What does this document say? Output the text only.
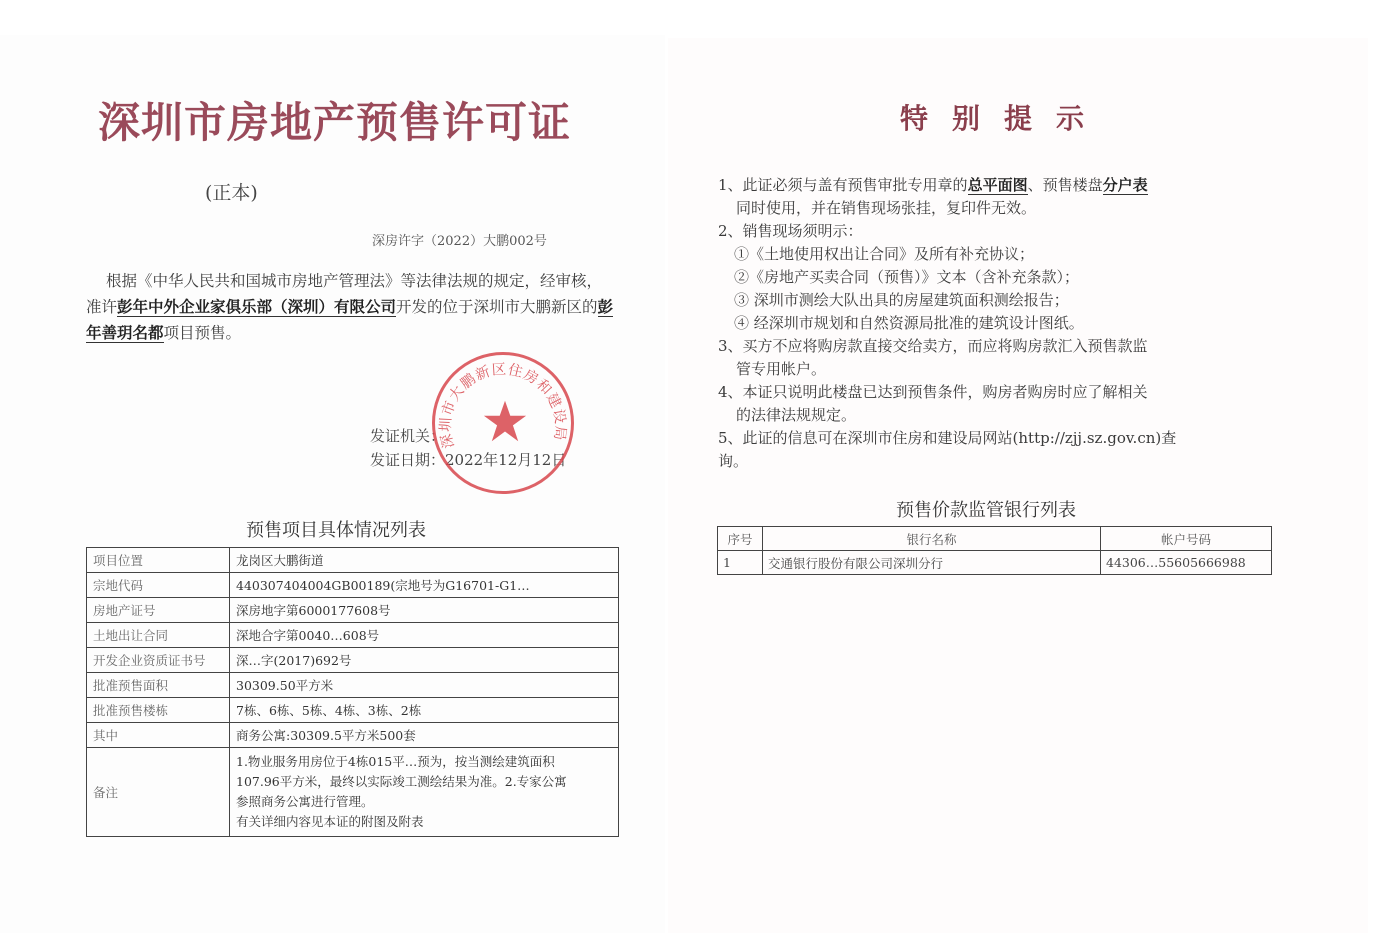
深圳市房地产预售许可证
(正本)
深房许字（2022）大鹏002号
根据《中华人民共和国城市房地产管理法》等法律法规的规定，经审核，准许彭年中外企业家俱乐部（深圳）有限公司开发的位于深圳市大鹏新区的彭年善玥名都项目预售。
发证机关：
发证日期：2022年12月12日
深圳市大鹏新区住房和建设局
预售项目具体情况列表
项目位置	龙岗区大鹏街道
宗地代码	440307404004GB00189(宗地号为G16701-G1…
房地产证号	深房地字第6000177608号
土地出让合同	深地合字第0040…608号
开发企业资质证书号	深…字(2017)692号
批准预售面积	30309.50平方米
批准预售楼栋	7栋、6栋、5栋、4栋、3栋、2栋
其中	商务公寓:30309.5平方米500套
备注	1.物业服务用房位于4栋015平…预为，按当测绘建筑面积
107.96平方米，最终以实际竣工测绘结果为准。2.专家公寓
参照商务公寓进行管理。
有关详细内容见本证的附图及附表
特别提示
1、此证必须与盖有预售审批专用章的总平面图、预售楼盘分户表
同时使用，并在销售现场张挂，复印件无效。
2、销售现场须明示：
①《土地使用权出让合同》及所有补充协议；
②《房地产买卖合同（预售）》文本（含补充条款）；
③ 深圳市测绘大队出具的房屋建筑面积测绘报告；
④ 经深圳市规划和自然资源局批准的建筑设计图纸。
3、买方不应将购房款直接交给卖方，而应将购房款汇入预售款监
管专用帐户。
4、本证只说明此楼盘已达到预售条件，购房者购房时应了解相关
的法律法规规定。
5、此证的信息可在深圳市住房和建设局网站(http://zjj.sz.gov.cn)查
询。
预售价款监管银行列表
序号	银行名称	帐户号码
1	交通银行股份有限公司深圳分行	44306…55605666988
